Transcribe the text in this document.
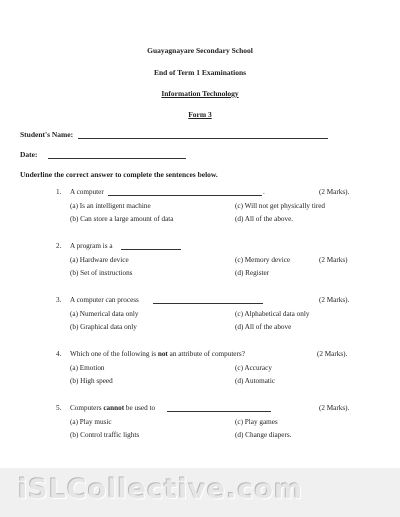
Guayagnayare Secondary School
End of Term 1 Examinations
Information Technology
Form 3
Student's Name:
Date:
Underline the correct answer to complete the sentences below.
1. A computer	.	(2 Marks).
(a) Is an intelligent machine	(c) Will not get physically tired
(b) Can store a large amount of data	(d) All of the above.
2. A program is a
(a) Hardware device	(c) Memory device	(2 Marks)
(b) Set of instructions	(d) Register
3. A computer can process	(2 Marks).
(a) Numerical data only	(c) Alphabetical data only
(b) Graphical data only	(d) All of the above
4. Which one of the following is not an attribute of computers?	(2 Marks).
(a) Emotion	(c) Accuracy
(b) High speed	(d) Automatic
5. Computers cannot be used to	(2 Marks).
(a) Play music	(c) Play games
(b) Control traffic lights	(d) Change diapers.
iSLCollective.com
